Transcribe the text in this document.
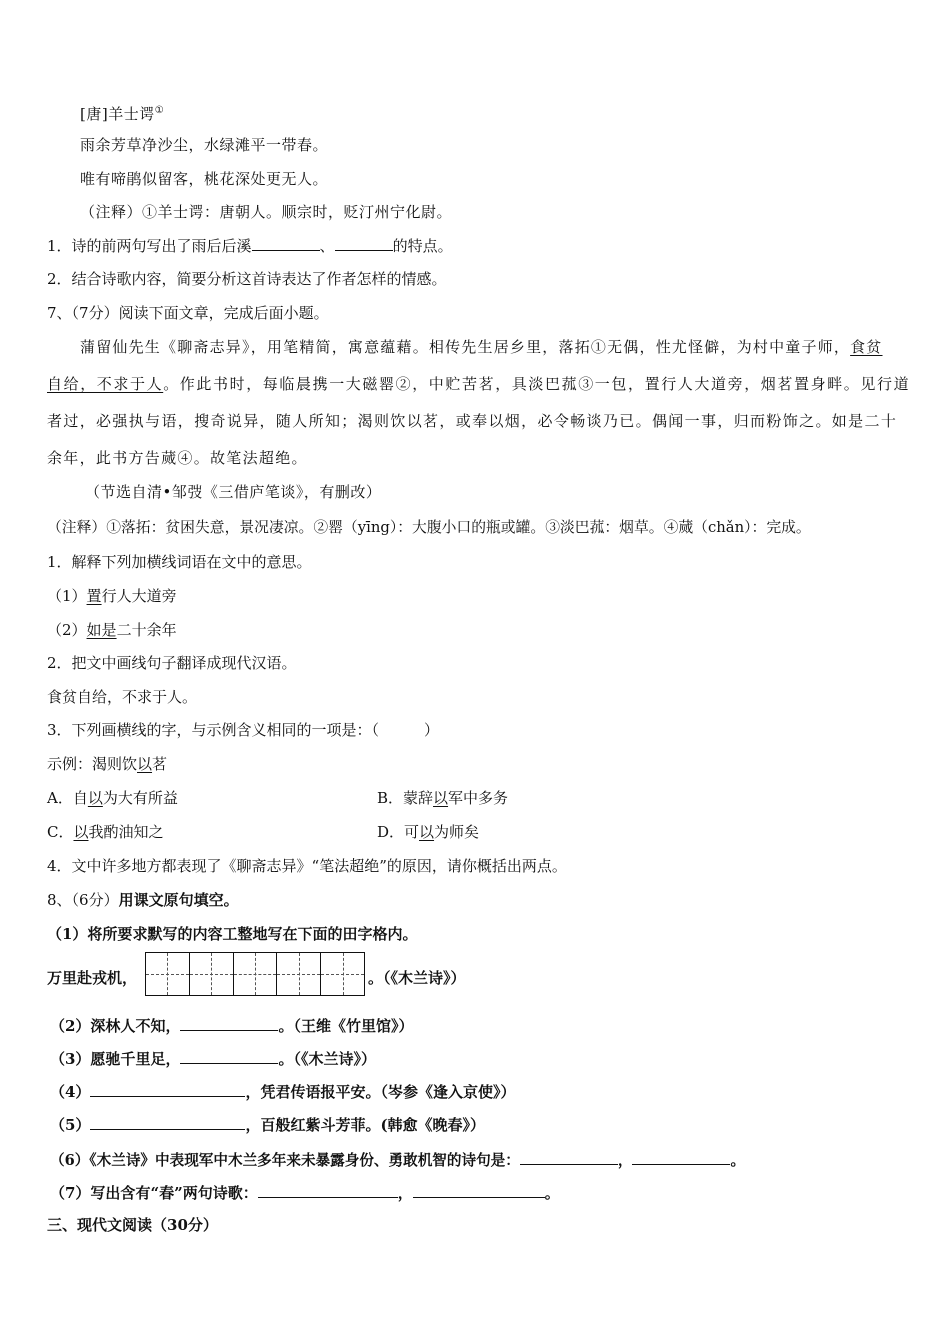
[唐]羊士谔①
雨余芳草净沙尘，水绿滩平一带春。
唯有啼鹃似留客，桃花深处更无人。
（注释）①羊士谔：唐朝人。顺宗时，贬汀州宁化尉。
1．诗的前两句写出了雨后后溪	、	的特点。
2．结合诗歌内容，简要分析这首诗表达了作者怎样的情感。
7、（7分）阅读下面文章，完成后面小题。
蒲留仙先生《聊斋志异》，用笔精简，寓意蕴藉。相传先生居乡里，落拓①无偶，性尤怪僻，为村中童子师，食贫
自给，不求于人。作此书时，每临晨携一大磁罂②，中贮苦茗，具淡巴菰③一包，置行人大道旁，烟茗置身畔。见行道
者过，必强执与语，搜奇说异，随人所知；渴则饮以茗，或奉以烟，必令畅谈乃已。偶闻一事，归而粉饰之。如是二十
余年，此书方告蒇④。故笔法超绝。
（节选自清•邹弢《三借庐笔谈》，有删改）
（注释）①落拓：贫困失意，景况凄凉。②罂（yīng）：大腹小口的瓶或罐。③淡巴菰：烟草。④蒇（chǎn）：完成。
1．解释下列加横线词语在文中的意思。
（1）置行人大道旁
（2）如是二十余年
2．把文中画线句子翻译成现代汉语。
食贫自给，不求于人。
3．下列画横线的字，与示例含义相同的一项是：（　　　）
示例：渴则饮以茗
A．自以为大有所益	B．蒙辞以军中多务
C．以我酌油知之	D．可以为师矣
4．文中许多地方都表现了《聊斋志异》“笔法超绝”的原因，请你概括出两点。
8、（6分）用课文原句填空。
（1）将所要求默写的内容工整地写在下面的田字格内。
万里赴戎机，	。（《木兰诗》）
（2）深林人不知，	。（王维《竹里馆》）
（3）愿驰千里足，	。（《木兰诗》）
（4）	，凭君传语报平安。（岑参《逢入京使》）
（5）	，百般红紫斗芳菲。(韩愈《晚春》）
（6）《木兰诗》中表现军中木兰多年来未暴露身份、勇敢机智的诗句是：	，	。
（7）写出含有“春”两句诗歌：	，	。
三、现代文阅读（30分）
